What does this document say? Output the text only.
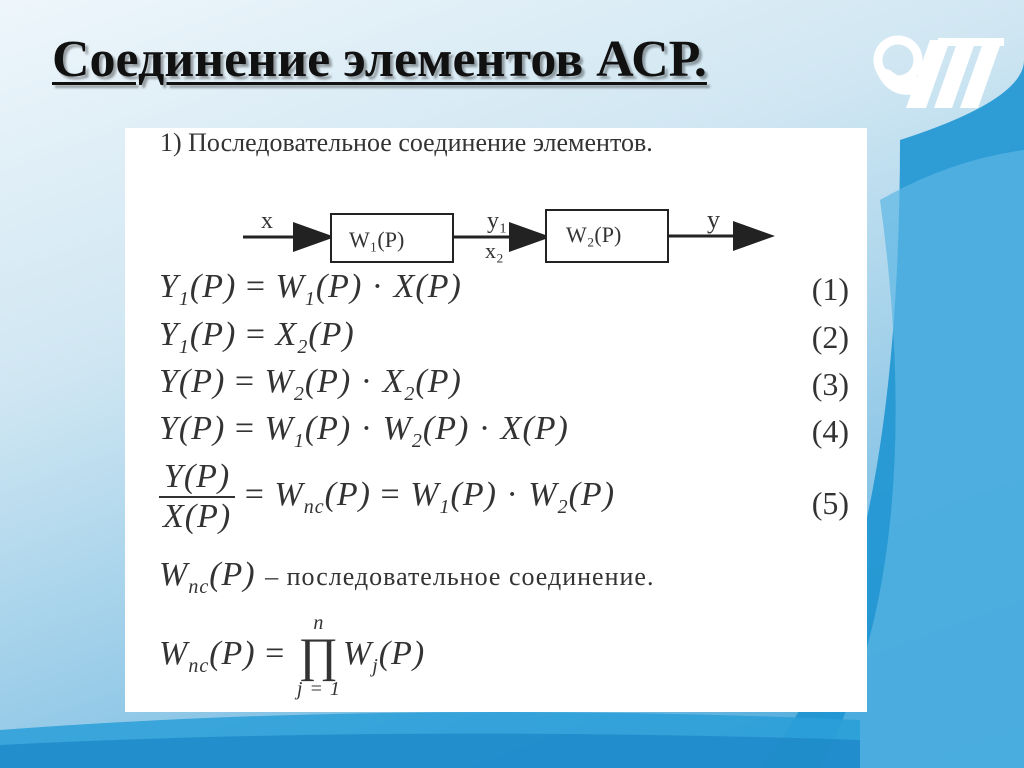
Соединение элементов АСР.
1) Последовательное соединение элементов.
x
W₁(P)
y₁
x₂
W₂(P)
y
$Y_1(P) = W_1(P) \cdot X(P)$	(1)
$Y_1(P) = X_2(P)$	(2)
$Y(P) = W_2(P) \cdot X_2(P)$	(3)
$Y(P) = W_1(P) \cdot W_2(P) \cdot X(P)$	(4)
$\frac{Y(P)}{X(P)} = W_{пс}(P) = W_1(P) \cdot W_2(P)$	(5)
$W_{пс}(P)$ – последовательное соединение.
$W_{пс}(P)$ =
n
∏
j = 1
$W_j(P)$
